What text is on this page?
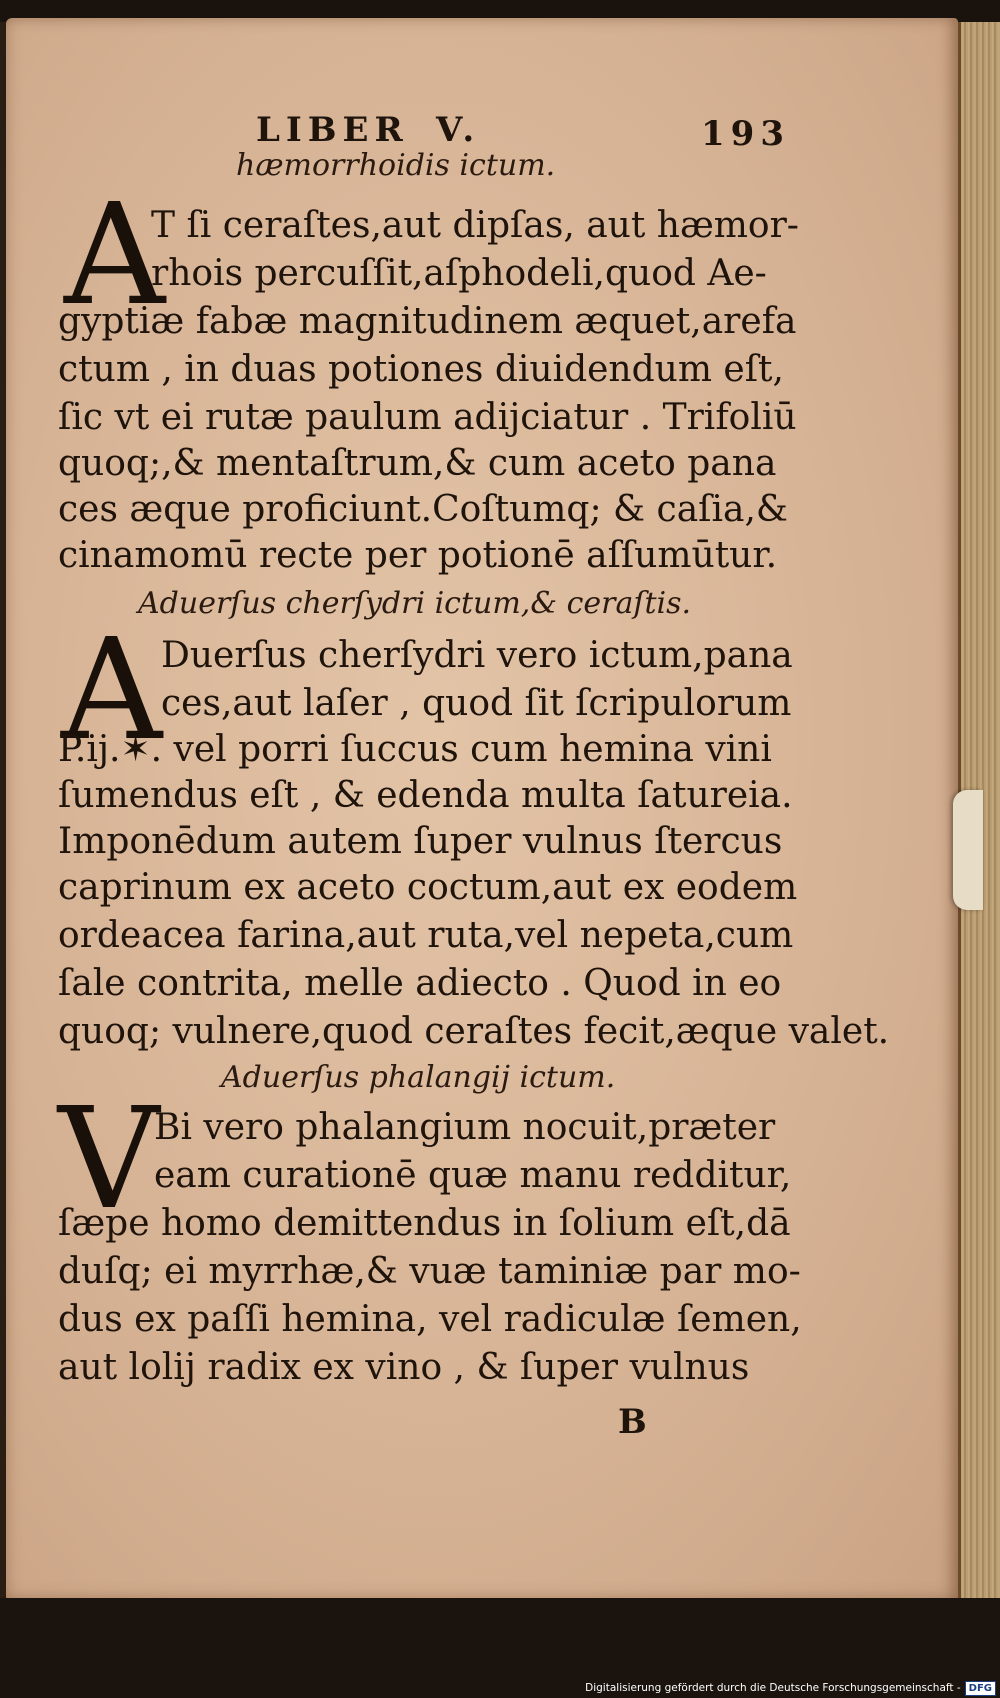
LIBER V.	193
hæmorrhoidis ictum.
A
T ſi ceraſtes,aut dipſas, aut hæmor-
rhois percuſſit,aſphodeli,quod Ae-
gyptiæ fabæ magnitudinem æquet,arefa
ctum , in duas potiones diuidendum eſt,
ſic vt ei rutæ paulum adijciatur . Trifoliū
quoq;,& mentaſtrum,& cum aceto pana
ces æque proficiunt.Coſtumq; & caſia,&
cinamomū recte per potionē aſſumūtur.
Aduerſus cherſydri ictum,& ceraſtis.
A
Duerſus cherſydri vero ictum,pana
ces,aut laſer , quod ſit ſcripulorum
P.ij.✶. vel porri ſuccus cum hemina vini
ſumendus eſt , & edenda multa ſatureia.
Imponēdum autem ſuper vulnus ſtercus
caprinum ex aceto coctum,aut ex eodem
ordeacea farina,aut ruta,vel nepeta,cum
ſale contrita, melle adiecto . Quod in eo
quoq; vulnere,quod ceraſtes fecit,æque valet.
Aduerſus phalangij ictum.
V
Bi vero phalangium nocuit,præter
eam curationē quæ manu redditur,
ſæpe homo demittendus in ſolium eſt,dā
duſq; ei myrrhæ,& vuæ taminiæ par mo-
dus ex paſſi hemina, vel radiculæ ſemen,
aut lolij radix ex vino , & ſuper vulnus
B
Digitalisierung gefördert durch die Deutsche Forschungsgemeinschaft - DFG
